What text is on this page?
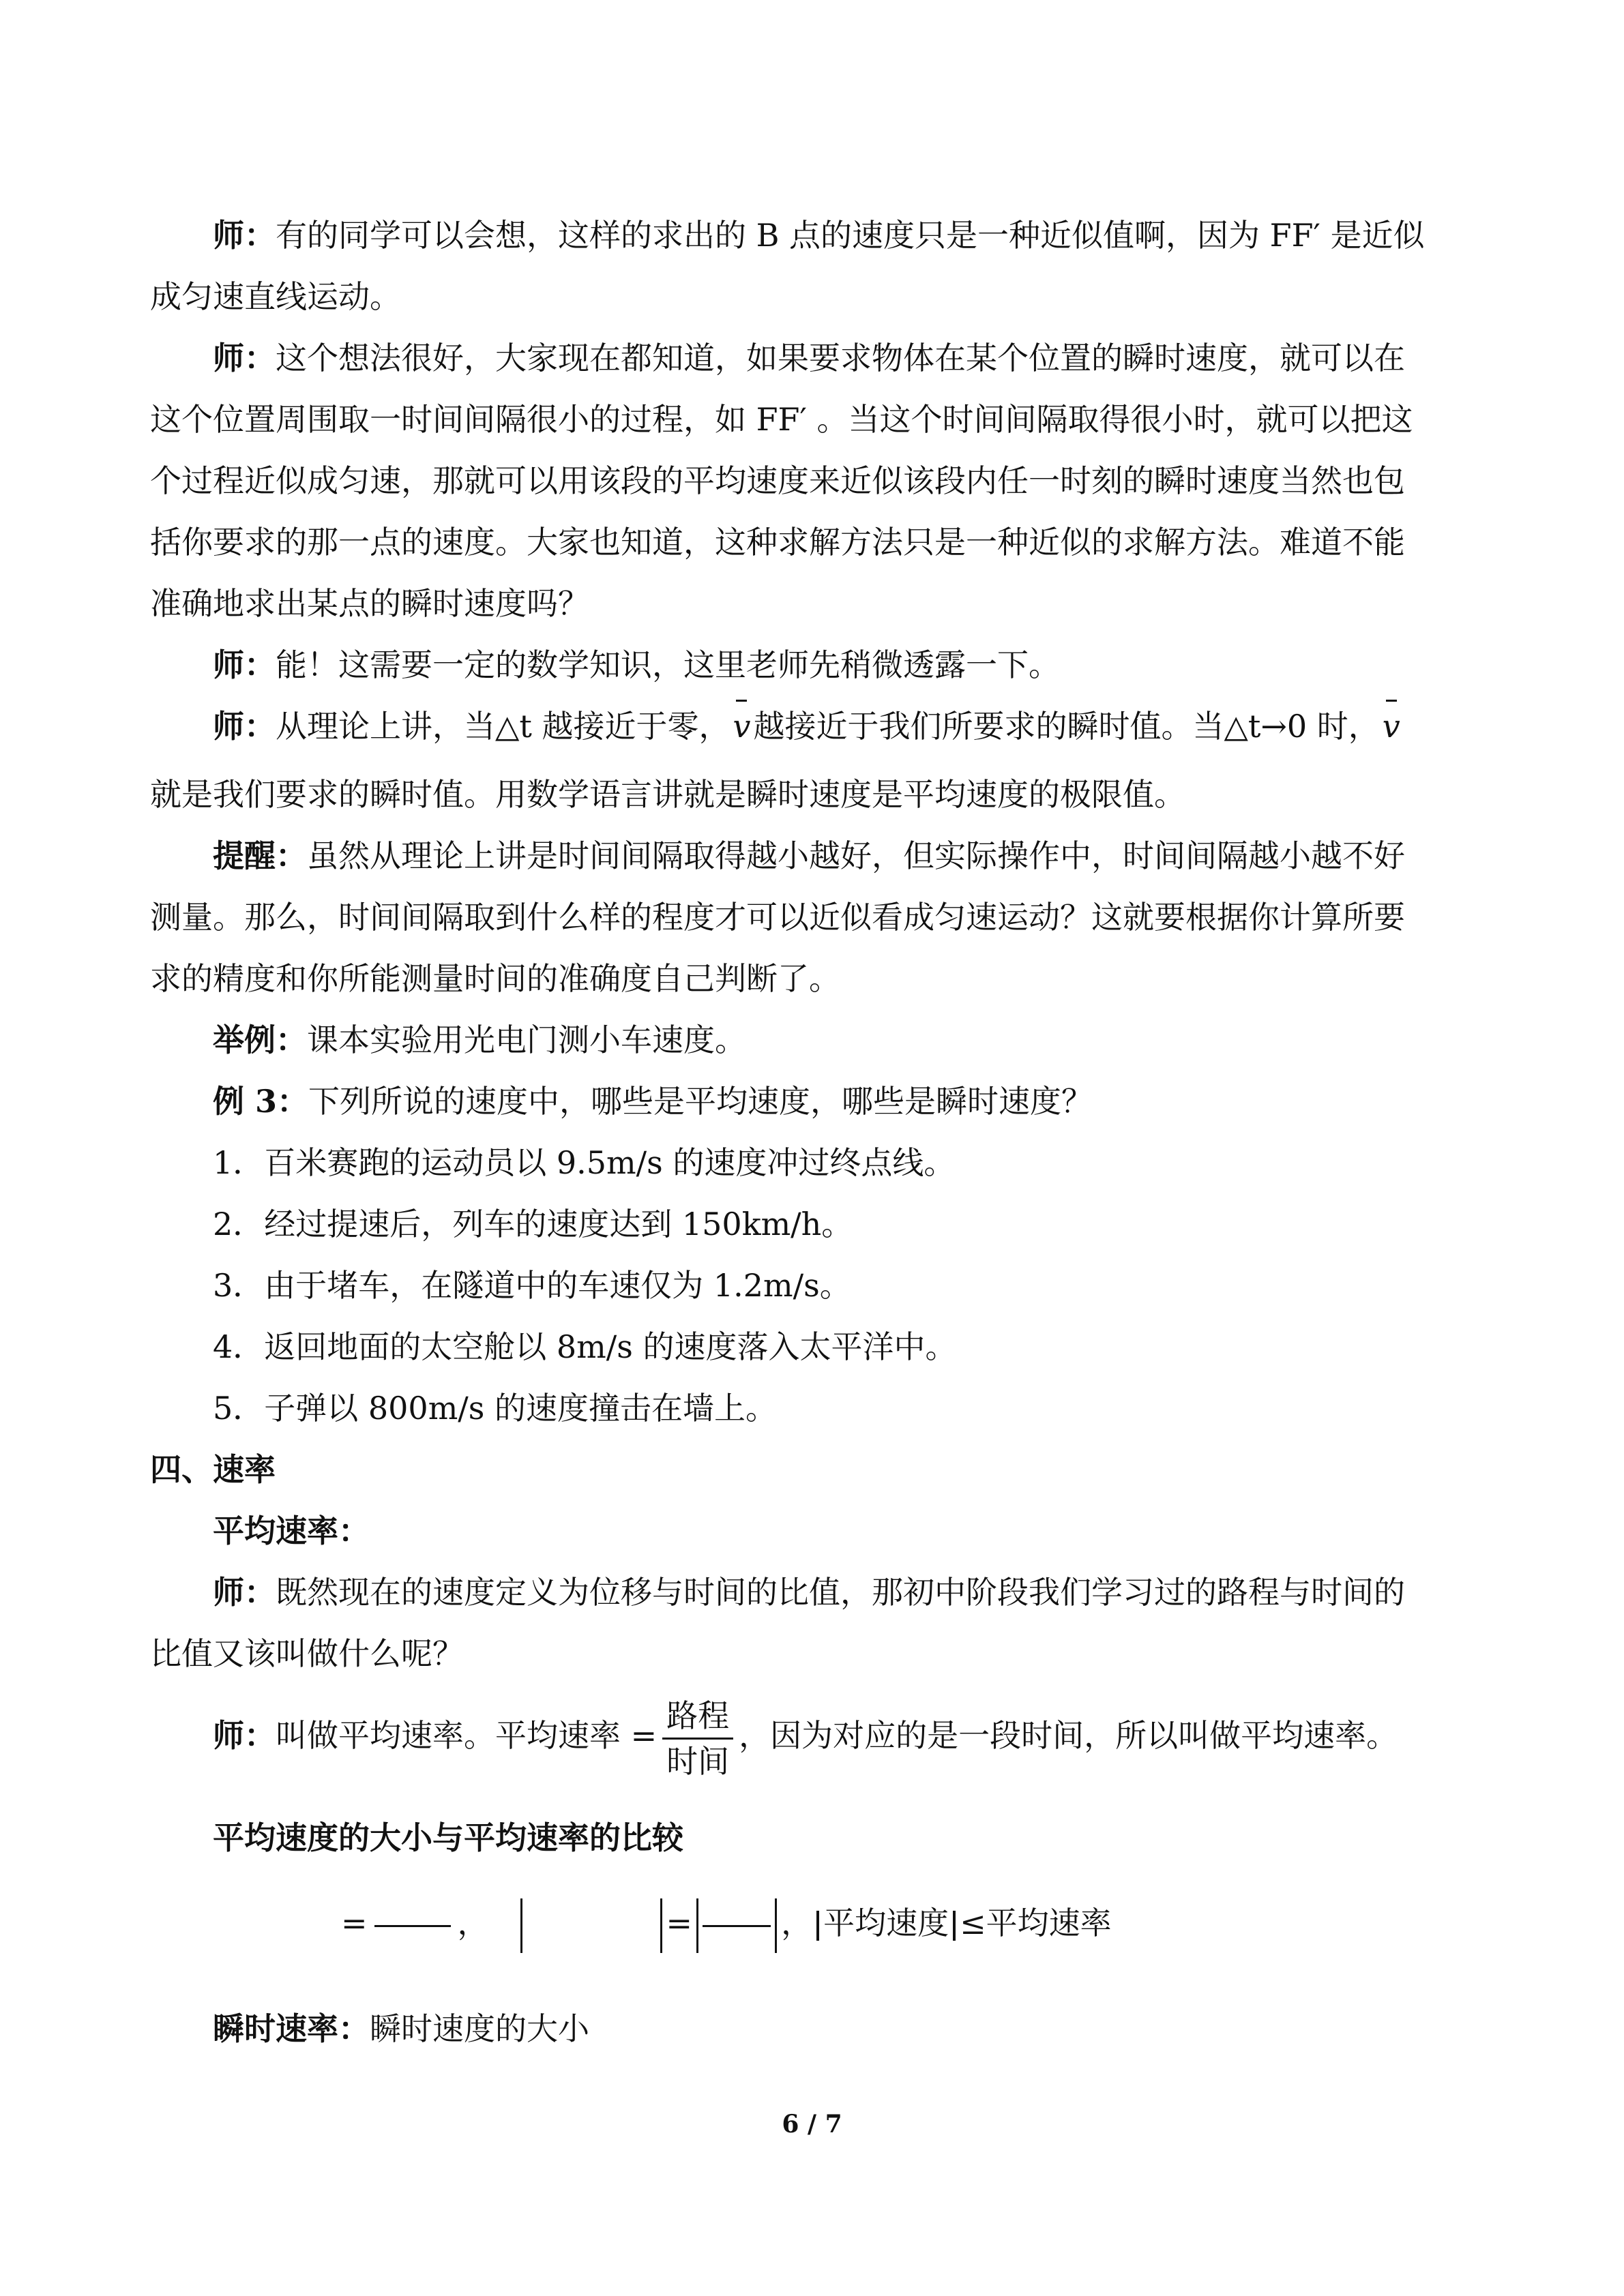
师：有的同学可以会想，这样的求出的 B 点的速度只是一种近似值啊，因为 FF′ 是近似

成匀速直线运动。

师：这个想法很好，大家现在都知道，如果要求物体在某个位置的瞬时速度，就可以在

这个位置周围取一时间间隔很小的过程，如 FF′ 。当这个时间间隔取得很小时，就可以把这

个过程近似成匀速，那就可以用该段的平均速度来近似该段内任一时刻的瞬时速度当然也包

括你要求的那一点的速度。大家也知道，这种求解方法只是一种近似的求解方法。难道不能

准确地求出某点的瞬时速度吗？

师：能！这需要一定的数学知识，这里老师先稍微透露一下。

师：从理论上讲，当△t 越接近于零，v越接近于我们所要求的瞬时值。当△t→0 时，v

就是我们要求的瞬时值。用数学语言讲就是瞬时速度是平均速度的极限值。

提醒：虽然从理论上讲是时间间隔取得越小越好，但实际操作中，时间间隔越小越不好

测量。那么，时间间隔取到什么样的程度才可以近似看成匀速运动？这就要根据你计算所要

求的精度和你所能测量时间的准确度自己判断了。

举例：课本实验用光电门测小车速度。

例 3：下列所说的速度中，哪些是平均速度，哪些是瞬时速度？

1．百米赛跑的运动员以 9.5m/s 的速度冲过终点线。

2．经过提速后，列车的速度达到 150km/h。

3．由于堵车，在隧道中的车速仅为 1.2m/s。

4．返回地面的太空舱以 8m/s 的速度落入太平洋中。

5．子弹以 800m/s 的速度撞击在墙上。

四、速率

平均速率：

师：既然现在的速度定义为位移与时间的比值，那初中阶段我们学习过的路程与时间的

比值又该叫做什么呢？

师：叫做平均速率。平均速率 = $\frac{\text{路程}}{\text{时间}}$ ，因为对应的是一段时间，所以叫做平均速率。

平均速度的大小与平均速率的比较

=	，	=	， 平均速度 ≤平均速率

瞬时速率：瞬时速度的大小

6 / 7
